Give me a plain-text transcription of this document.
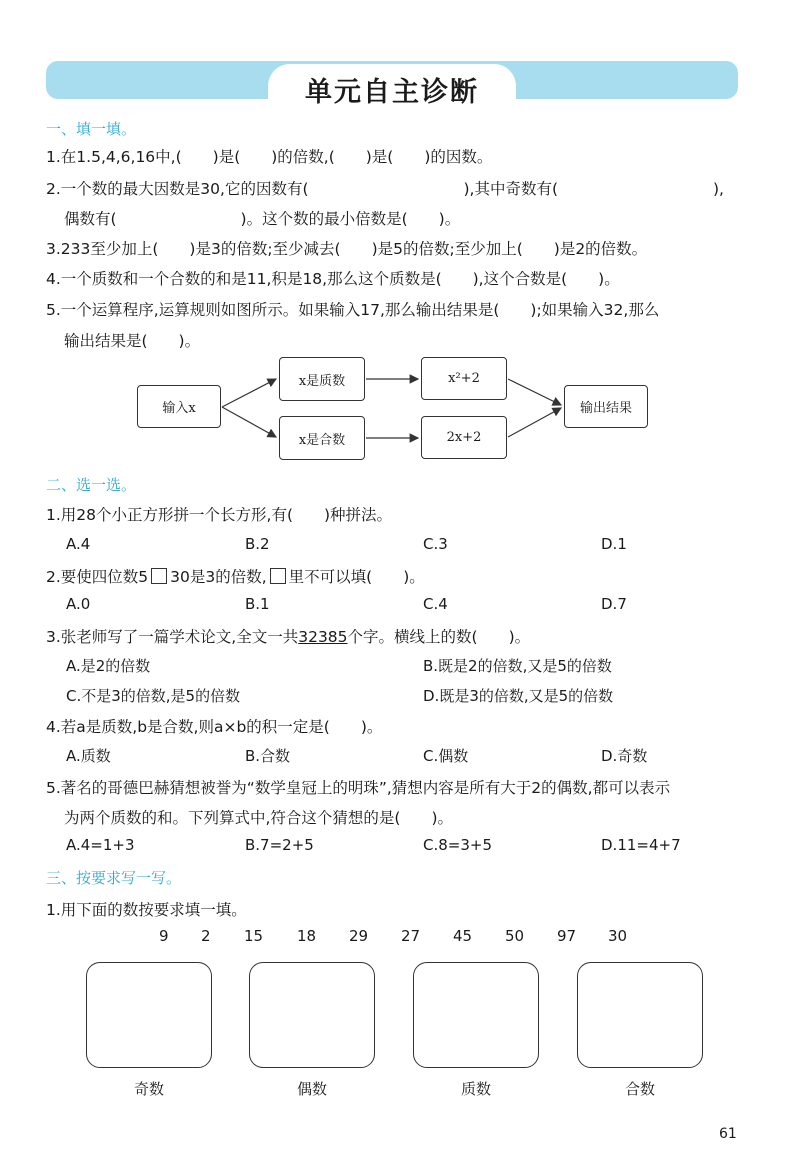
单元自主诊断
一、填一填。
1.在1.5,4,6,16中,(　　)是(　　)的倍数,(　　)是(　　)的因数。
2.一个数的最大因数是30,它的因数有(　　　　　　　　　　),其中奇数有(　　　　　　　　　　),
偶数有(　　　　　　　　)。这个数的最小倍数是(　　)。
3.233至少加上(　　)是3的倍数;至少减去(　　)是5的倍数;至少加上(　　)是2的倍数。
4.一个质数和一个合数的和是11,积是18,那么这个质数是(　　),这个合数是(　　)。
5.一个运算程序,运算规则如图所示。如果输入17,那么输出结果是(　　);如果输入32,那么
输出结果是(　　)。
输入x
x是质数
x是合数
x²+2
2x+2
输出结果
二、选一选。
1.用28个小正方形拼一个长方形,有(　　)种拼法。
A.4	B.2	C.3	D.1
2.要使四位数5 30是3的倍数, 里不可以填(　　)。
A.0	B.1	C.4	D.7
3.张老师写了一篇学术论文,全文一共32385个字。横线上的数(　　)。
A.是2的倍数	B.既是2的倍数,又是5的倍数
C.不是3的倍数,是5的倍数	D.既是3的倍数,又是5的倍数
4.若a是质数,b是合数,则a×b的积一定是(　　)。
A.质数	B.合数	C.偶数	D.奇数
5.著名的哥德巴赫猜想被誉为“数学皇冠上的明珠”,猜想内容是所有大于2的偶数,都可以表示
为两个质数的和。下列算式中,符合这个猜想的是(　　)。
A.4=1+3	B.7=2+5	C.8=3+5	D.11=4+7
三、按要求写一写。
1.用下面的数按要求填一填。
9 2 15 18 29 27 45 50 97 30
奇数	偶数	质数	合数
61
